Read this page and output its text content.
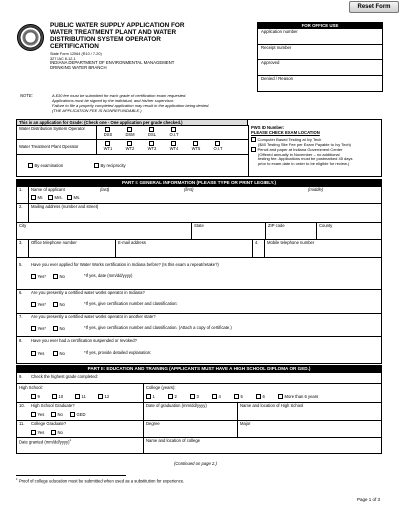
Reset Form
PUBLIC WATER SUPPLY APPLICATION FOR
WATER TREATMENT PLANT AND WATER
DISTRIBUTION SYSTEM OPERATOR
CERTIFICATION
State Form 12064 (R10 / 7-20)
327 IAC 8-12-1
INDIANA DEPARTMENT OF ENVIRONMENTAL MANAGEMENT
DRINKING WATER BRANCH
FOR OFFICE USE
Application number
Receipt number
Approved
Denied / Reason
NOTE:	A $30 fee must be submitted for each grade of certification exam requested.
Applications must be signed by the individual, and his/her supervisor.
Failure to file a properly completed application may result in the application being denied.
(THE APPLICATION FEE IS NONREFUNDABLE.)
This is an application for Grade: (Check one - One application per grade checked.)
Water Distribution System Operator

DSS	DSM	DSL	O.I.T
Water Treatment Plant Operator	WT1	WT2	WT3	WT4	WT5	O.I.T
By examination	By reciprocity
PWS ID Number:
PLEASE CHECK EXAM LOCATION
Computer Based Testing at Ivy Tech
($40 Testing Site Fee per Exam Payable to Ivy Tech)
Pencil and paper at Indiana Government Center
(Offered annually in November – no additional
testing fee. Applications must be postmarked 45 days
prior to exam date in order to be eligible for review.)
PART I: GENERAL INFORMATION (PLEASE TYPE OR PRINT LEGIBLY.)
1. Name of applicant	(last)	(first)	(middle)
Mr.	Mrs.	Ms.
2. Mailing address (number and street)
City	State	ZIP code	County
3. Office telephone number	E-mail address	4. Mobile telephone number
5. Have you ever applied for Water Works certification in Indiana before? (Is this exam a repeat/retake?)
Yes*	No	*If yes, date (mm/dd/yyyy)
6. Are you presently a certified water works operator in Indiana?
Yes*	No	*If yes, give certification number and classification:
7. Are you presently a certified water works operator in another state?
Yes*	No	*If yes, give certification number and classification. (Attach a copy of certificate.)
8. Have you ever had a certification suspended or revoked?
Yes	No	*If yes, provide detailed explanation:
PART II: EDUCATION AND TRAINING (APPLICANTS MUST HAVE A HIGH SCHOOL DIPLOMA OR GED.)
9. Check the highest grade completed:
High School:
9	10	11	12
College (years):
1	2	3	4	5	6	More than 6 years
10. High School Graduate?
Yes	No	GED
Date of graduation (mm/dd/yyyy)	Name and location of High School
11. College Graduate?
Yes	No
Degree	Major
Date granted (mm/dd/yyyy)$^1$	Name and location of college
(Continued on page 2.)
$^1$ Proof of college education must be submitted when used as a substitution for experience.
Page 1 of 3
